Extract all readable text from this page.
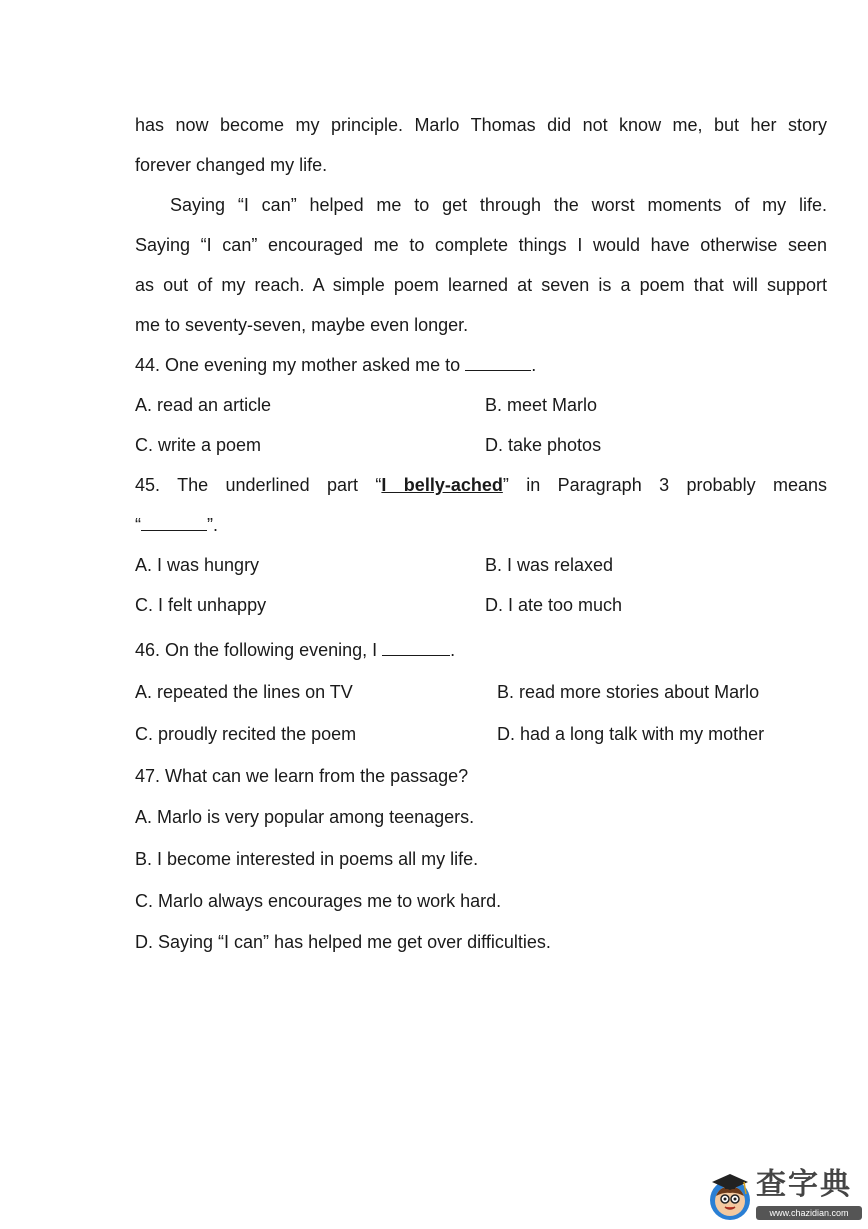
has now become my principle. Marlo Thomas did not know me, but her story
forever changed my life.
Saying “I can” helped me to get through the worst moments of my life.
Saying “I can” encouraged me to complete things I would have otherwise seen
as out of my reach. A simple poem learned at seven is a poem that will support
me to seventy-seven, maybe even longer.
44. One evening my mother asked me to	.
A. read an article	B. meet Marlo
C. write a poem	D. take photos
45. The underlined part “I belly-ached” in Paragraph 3 probably means
“	”.
A. I was hungry	B. I was relaxed
C. I felt unhappy	D. I ate too much
46. On the following evening, I	.
A. repeated the lines on TV	B. read more stories about Marlo
C. proudly recited the poem	D. had a long talk with my mother
47. What can we learn from the passage?
A. Marlo is very popular among teenagers.
B. I become interested in poems all my life.
C. Marlo always encourages me to work hard.
D. Saying “I can” has helped me get over difficulties.
查字典
www.chazidian.com
